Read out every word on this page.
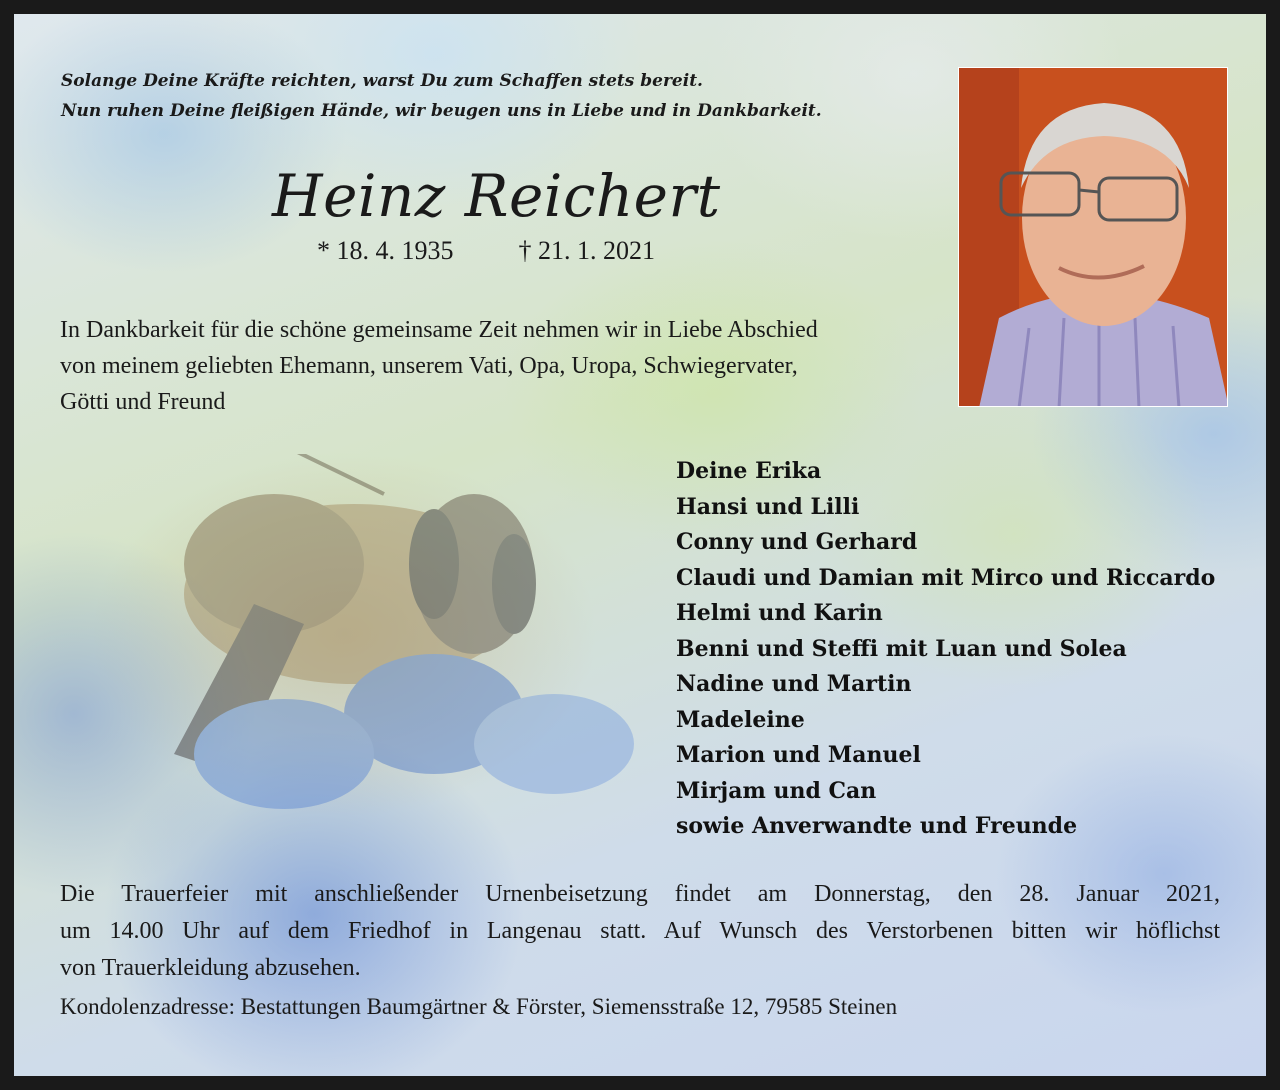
Solange Deine Kräfte reichten, warst Du zum Schaffen stets bereit.
Nun ruhen Deine fleißigen Hände, wir beugen uns in Liebe und in Dankbarkeit.
Heinz Reichert
* 18. 4. 1935	† 21. 1. 2021
In Dankbarkeit für die schöne gemeinsame Zeit nehmen wir in Liebe Abschied
von meinem geliebten Ehemann, unserem Vati, Opa, Uropa, Schwiegervater,
Götti und Freund
Deine Erika
Hansi und Lilli
Conny und Gerhard
Claudi und Damian mit Mirco und Riccardo
Helmi und Karin
Benni und Steffi mit Luan und Solea
Nadine und Martin
Madeleine
Marion und Manuel
Mirjam und Can
sowie Anverwandte und Freunde
Die Trauerfeier mit anschließender Urnenbeisetzung findet am Donnerstag, den 28. Januar 2021,
um 14.00 Uhr auf dem Friedhof in Langenau statt. Auf Wunsch des Verstorbenen bitten wir höflichst
von Trauerkleidung abzusehen.
Kondolenzadresse: Bestattungen Baumgärtner & Förster, Siemensstraße 12, 79585 Steinen
